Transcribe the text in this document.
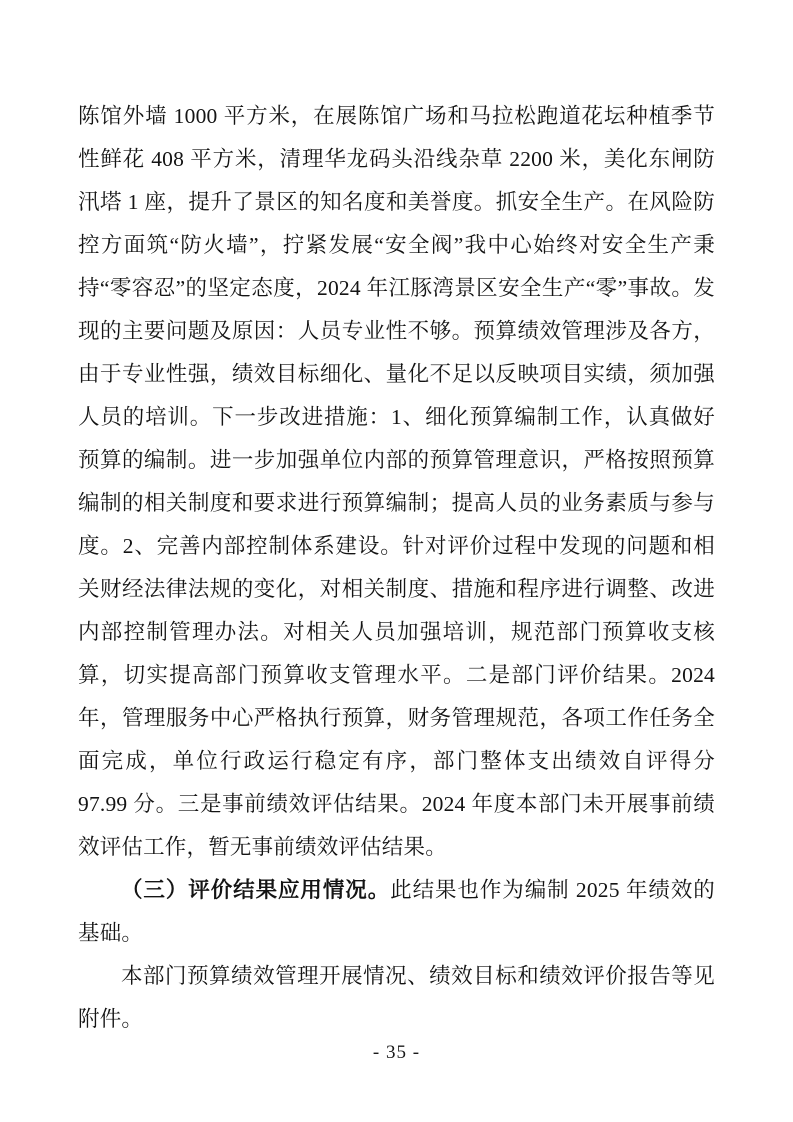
陈馆外墙 1000 平方米，在展陈馆广场和马拉松跑道花坛种植季节性鲜花 408 平方米，清理华龙码头沿线杂草 2200 米，美化东闸防汛塔 1 座，提升了景区的知名度和美誉度。抓安全生产。在风险防控方面筑“防火墙”，拧紧发展“安全阀”我中心始终对安全生产秉持“零容忍”的坚定态度，2024 年江豚湾景区安全生产“零”事故。发现的主要问题及原因：人员专业性不够。预算绩效管理涉及各方，由于专业性强，绩效目标细化、量化不足以反映项目实绩，须加强人员的培训。下一步改进措施：1、细化预算编制工作，认真做好预算的编制。进一步加强单位内部的预算管理意识，严格按照预算编制的相关制度和要求进行预算编制；提高人员的业务素质与参与度。2、完善内部控制体系建设。针对评价过程中发现的问题和相关财经法律法规的变化，对相关制度、措施和程序进行调整、改进内部控制管理办法。对相关人员加强培训，规范部门预算收支核算，切实提高部门预算收支管理水平。二是部门评价结果。2024 年，管理服务中心严格执行预算，财务管理规范，各项工作任务全面完成，单位行政运行稳定有序，部门整体支出绩效自评得分 97.99 分。三是事前绩效评估结果。2024 年度本部门未开展事前绩效评估工作，暂无事前绩效评估结果。

（三）评价结果应用情况。此结果也作为编制 2025 年绩效的基础。

本部门预算绩效管理开展情况、绩效目标和绩效评价报告等见附件。

- 35 -
